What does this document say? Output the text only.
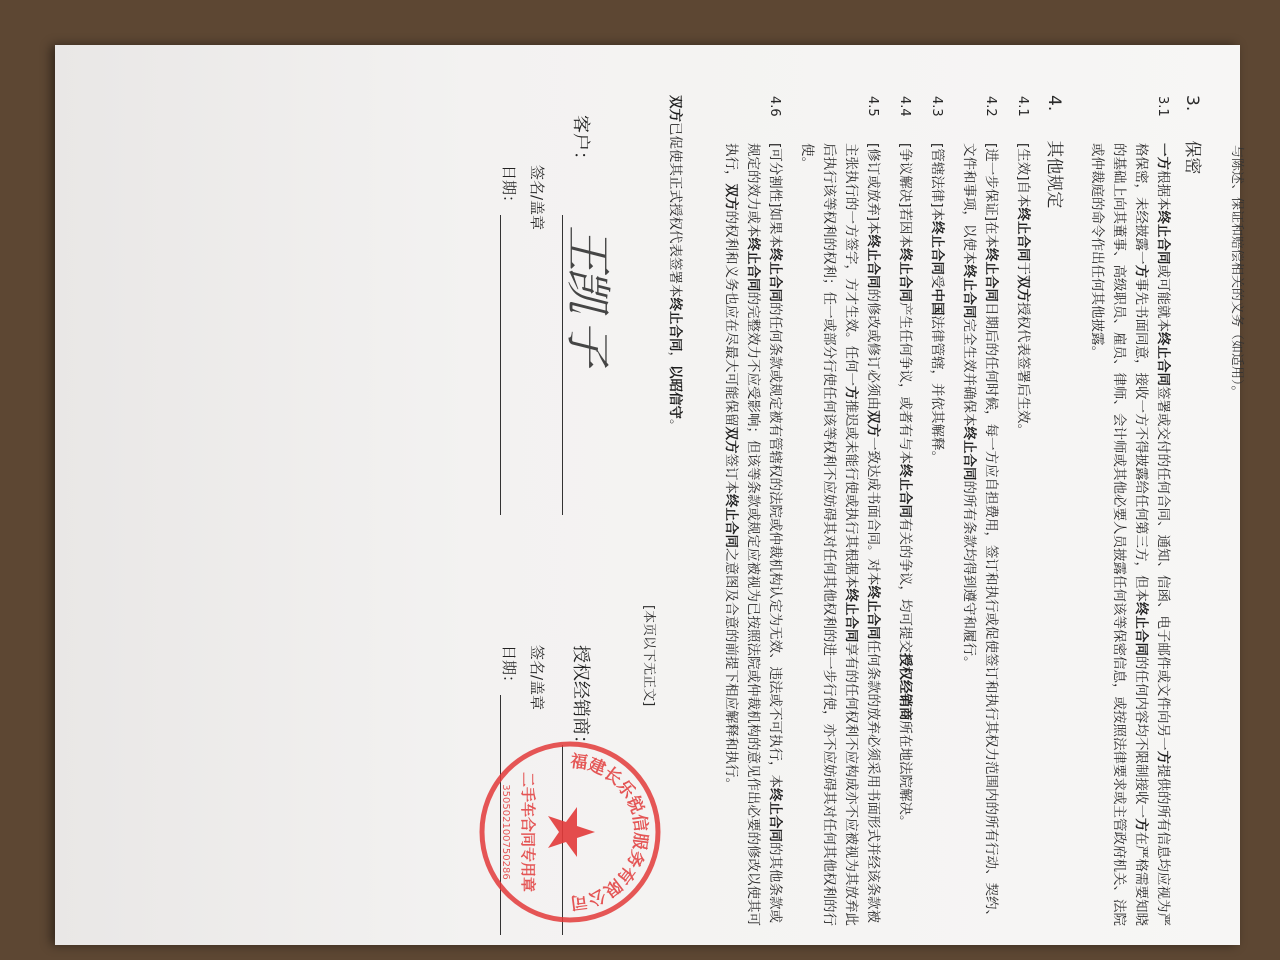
与陈述、保证和赔偿相关的义务（如适用）。
3. 保密
3.1

一方根据本终止合同或可能就本终止合同签署或交付的任何合同、通知、信函、电子邮件或文件向另一方提供的所有信息均应视为严格保密，未经披露一方事先书面同意，接收一方不得披露给任何第三方，但本终止合同的任何内容均不限制接收一方在严格需要知晓的基础上向其董事、高级职员、雇员、律师、会计师或其他必要人员披露任何该等保密信息，或按照法律要求或主管政府机关、法院或仲裁庭的命令作出任何其他披露。

4. 其他规定
4.1

[生效]自本终止合同于双方授权代表签署后生效。

4.2

[进一步保证]在本终止合同日期后的任何时候，每一方应自担费用，签订和执行或促使签订和执行其权力范围内的所有行动、契约、文件和事项，以使本终止合同完全生效并确保本终止合同的所有条款均得到遵守和履行。

4.3

[管辖法律]本终止合同受中国法律管辖，并依其解释。

4.4

[争议解决]若因本终止合同产生任何争议，或者有与本终止合同有关的争议，均可提交授权经销商所在地法院解决。

4.5

[修订或放弃]本终止合同的修改或修订必须由双方一致达成书面合同。对本终止合同任何条款的放弃必须采用书面形式并经该条款被主张执行的一方签字，方才生效。任何一方推迟或未能行使或执行其根据本终止合同享有的任何权利不应构成亦不应被视为其放弃此后执行该等权利的权利；任一或部分行使任何该等权利不应妨碍其对任何其他权利的进一步行使，亦不应妨碍其对任何其他权利的行使。

4.6

[可分割性]如果本终止合同的任何条款或规定被有管辖权的法院或仲裁机构认定为无效、违法或不可执行，本终止合同的其他条款或规定的效力或本终止合同的完整效力不应受影响；但该等条款或规定应被视为已按照法院或仲裁机构的意见作出必要的修改以使其可执行，双方的权利和义务也应在尽最大可能保留双方签订本终止合同之意图及合意的前提下相应解释和执行。

双方已促使其正式授权代表签署本终止合同，以昭信守。
[本页以下无正文]
客户：
王凯 子
签名/盖章
日期：
授权经销商：
签名/盖章
日期：
福建长乐锐信服务有限公司
二手车合同专用章
350502100750286
